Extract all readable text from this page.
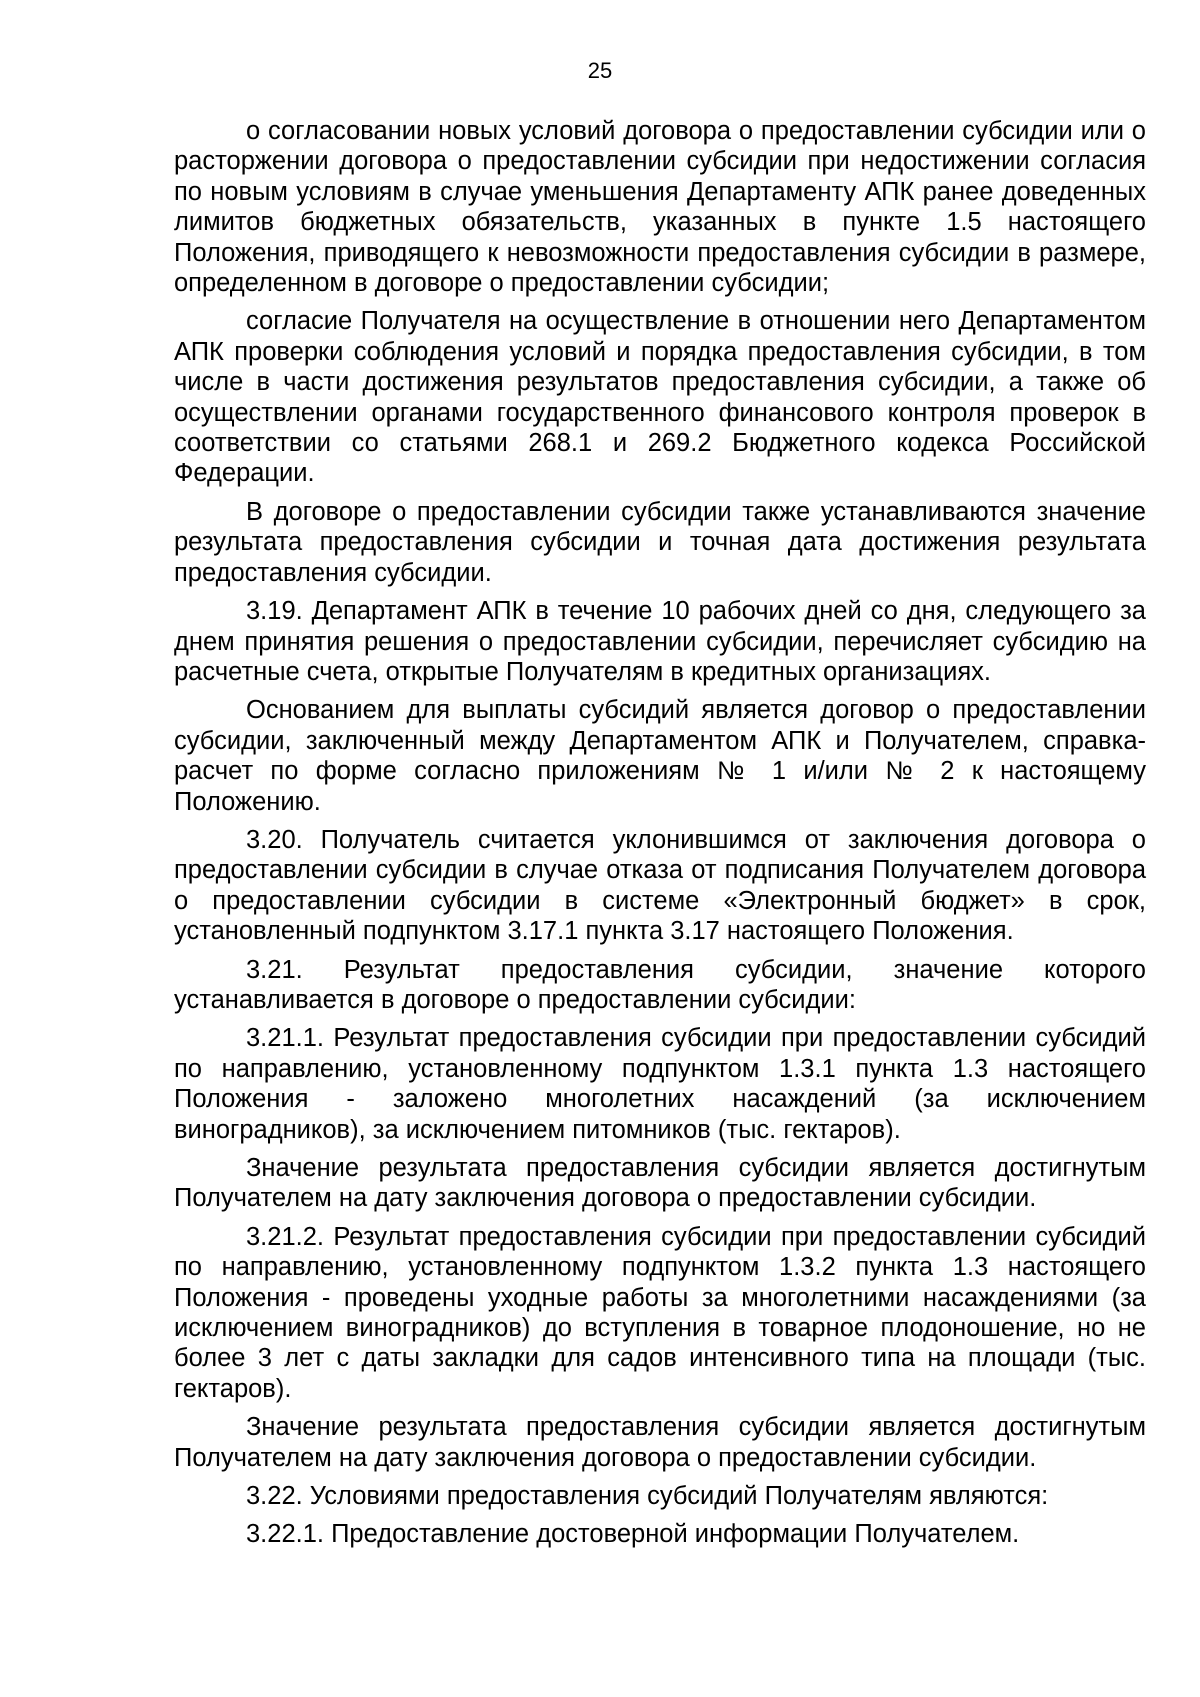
25

о согласовании новых условий договора о предоставлении субсидии или о расторжении договора о предоставлении субсидии при недостижении согласия по новым условиям в случае уменьшения Департаменту АПК ранее доведенных лимитов бюджетных обязательств, указанных в пункте 1.5 настоящего Положения, приводящего к невозможности предоставления субсидии в размере, определенном в договоре о предоставлении субсидии;

согласие Получателя на осуществление в отношении него Департаментом АПК проверки соблюдения условий и порядка предоставления субсидии, в том числе в части достижения результатов предоставления субсидии, а также об осуществлении органами государственного финансового контроля проверок в соответствии со статьями 268.1 и 269.2 Бюджетного кодекса Российской Федерации.

В договоре о предоставлении субсидии также устанавливаются значение результата предоставления субсидии и точная дата достижения результата предоставления субсидии.

3.19. Департамент АПК в течение 10 рабочих дней со дня, следующего за днем принятия решения о предоставлении субсидии, перечисляет субсидию на расчетные счета, открытые Получателям в кредитных организациях.

Основанием для выплаты субсидий является договор о предоставлении субсидии, заключенный между Департаментом АПК и Получателем, справка-расчет по форме согласно приложениям № 1 и/или № 2 к настоящему Положению.

3.20. Получатель считается уклонившимся от заключения договора о предоставлении субсидии в случае отказа от подписания Получателем договора о предоставлении субсидии в системе «Электронный бюджет» в срок, установленный подпунктом 3.17.1 пункта 3.17 настоящего Положения.

3.21. Результат предоставления субсидии, значение которого устанавливается в договоре о предоставлении субсидии:

3.21.1. Результат предоставления субсидии при предоставлении субсидий по направлению, установленному подпунктом 1.3.1 пункта 1.3 настоящего Положения - заложено многолетних насаждений (за исключением виноградников), за исключением питомников (тыс. гектаров).

Значение результата предоставления субсидии является достигнутым Получателем на дату заключения договора о предоставлении субсидии.

3.21.2. Результат предоставления субсидии при предоставлении субсидий по направлению, установленному подпунктом 1.3.2 пункта 1.3 настоящего Положения - проведены уходные работы за многолетними насаждениями (за исключением виноградников) до вступления в товарное плодоношение, но не более 3 лет с даты закладки для садов интенсивного типа на площади (тыс. гектаров).

Значение результата предоставления субсидии является достигнутым Получателем на дату заключения договора о предоставлении субсидии.

3.22. Условиями предоставления субсидий Получателям являются:

3.22.1. Предоставление достоверной информации Получателем.
